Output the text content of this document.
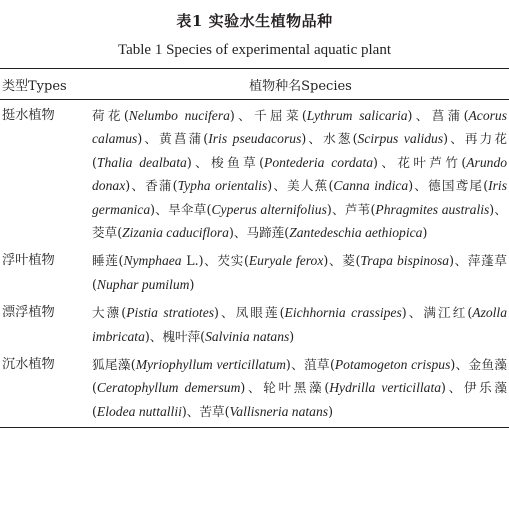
表1 实验水生植物品种
Table 1 Species of experimental aquatic plant
类型Types	植物种名Species
挺水植物	荷花(Nelumbo nucifera)、千屈菜(Lythrum salicaria)、菖蒲(Acorus calamus)、黄菖蒲(Iris pseudacorus)、水葱(Scirpus validus)、再力花(Thalia dealbata)、梭鱼草(Pontederia cordata)、花叶芦竹(Arundo donax)、香蒲(Typha orientalis)、美人蕉(Canna indica)、德国鸢尾(Iris germanica)、旱伞草(Cyperus alternifolius)、芦苇(Phragmites australis)、茭草(Zizania caduciflora)、马蹄莲(Zantedeschia aethiopica)
浮叶植物	睡莲(Nymphaea L.)、芡实(Euryale ferox)、菱(Trapa bispinosa)、萍蓬草(Nuphar pumilum)
漂浮植物	大薸(Pistia stratiotes)、凤眼莲(Eichhornia crassipes)、满江红(Azolla imbricata)、槐叶萍(Salvinia natans)
沉水植物	狐尾藻(Myriophyllum verticillatum)、菹草(Potamogeton crispus)、金鱼藻(Ceratophyllum demersum)、轮叶黑藻(Hydrilla verticillata)、伊乐藻(Elodea nuttallii)、苦草(Vallisneria natans)
